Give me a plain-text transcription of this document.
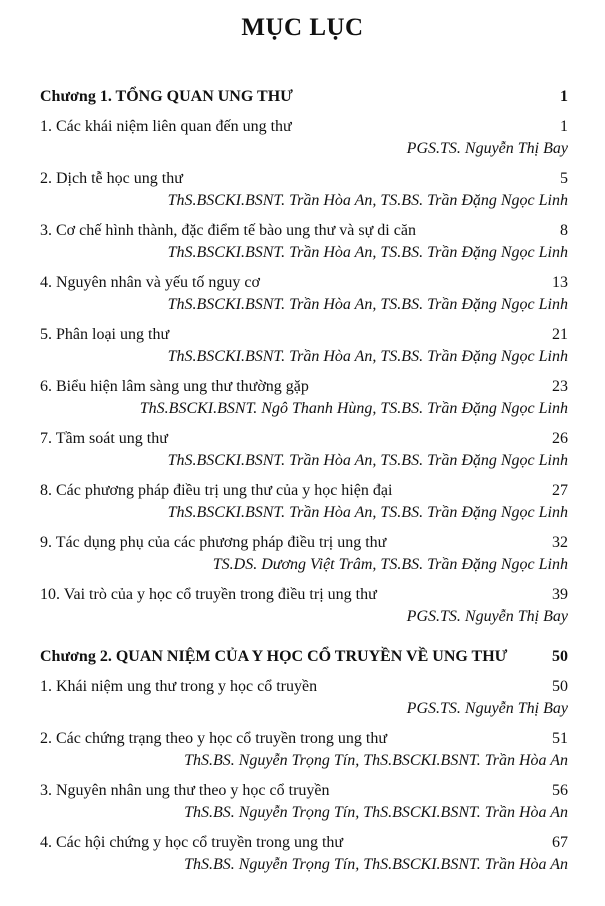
MỤC LỤC
Chương 1. TỔNG QUAN UNG THƯ	1
1. Các khái niệm liên quan đến ung thư	1
PGS.TS. Nguyễn Thị Bay
2. Dịch tễ học ung thư	5
ThS.BSCKI.BSNT. Trần Hòa An, TS.BS. Trần Đặng Ngọc Linh
3. Cơ chế hình thành, đặc điểm tế bào ung thư và sự di căn	8
ThS.BSCKI.BSNT. Trần Hòa An, TS.BS. Trần Đặng Ngọc Linh
4. Nguyên nhân và yếu tố nguy cơ	13
ThS.BSCKI.BSNT. Trần Hòa An, TS.BS. Trần Đặng Ngọc Linh
5. Phân loại ung thư	21
ThS.BSCKI.BSNT. Trần Hòa An, TS.BS. Trần Đặng Ngọc Linh
6. Biểu hiện lâm sàng ung thư thường gặp	23
ThS.BSCKI.BSNT. Ngô Thanh Hùng, TS.BS. Trần Đặng Ngọc Linh
7. Tầm soát ung thư	26
ThS.BSCKI.BSNT. Trần Hòa An, TS.BS. Trần Đặng Ngọc Linh
8. Các phương pháp điều trị ung thư của y học hiện đại	27
ThS.BSCKI.BSNT. Trần Hòa An, TS.BS. Trần Đặng Ngọc Linh
9. Tác dụng phụ của các phương pháp điều trị ung thư	32
TS.DS. Dương Việt Trâm, TS.BS. Trần Đặng Ngọc Linh
10. Vai trò của y học cổ truyền trong điều trị ung thư	39
PGS.TS. Nguyễn Thị Bay
Chương 2. QUAN NIỆM CỦA Y HỌC CỔ TRUYỀN VỀ UNG THƯ	50
1. Khái niệm ung thư trong y học cổ truyền	50
PGS.TS. Nguyễn Thị Bay
2. Các chứng trạng theo y học cổ truyền trong ung thư	51
ThS.BS. Nguyễn Trọng Tín, ThS.BSCKI.BSNT. Trần Hòa An
3. Nguyên nhân ung thư theo y học cổ truyền	56
ThS.BS. Nguyễn Trọng Tín, ThS.BSCKI.BSNT. Trần Hòa An
4. Các hội chứng y học cổ truyền trong ung thư	67
ThS.BS. Nguyễn Trọng Tín, ThS.BSCKI.BSNT. Trần Hòa An
